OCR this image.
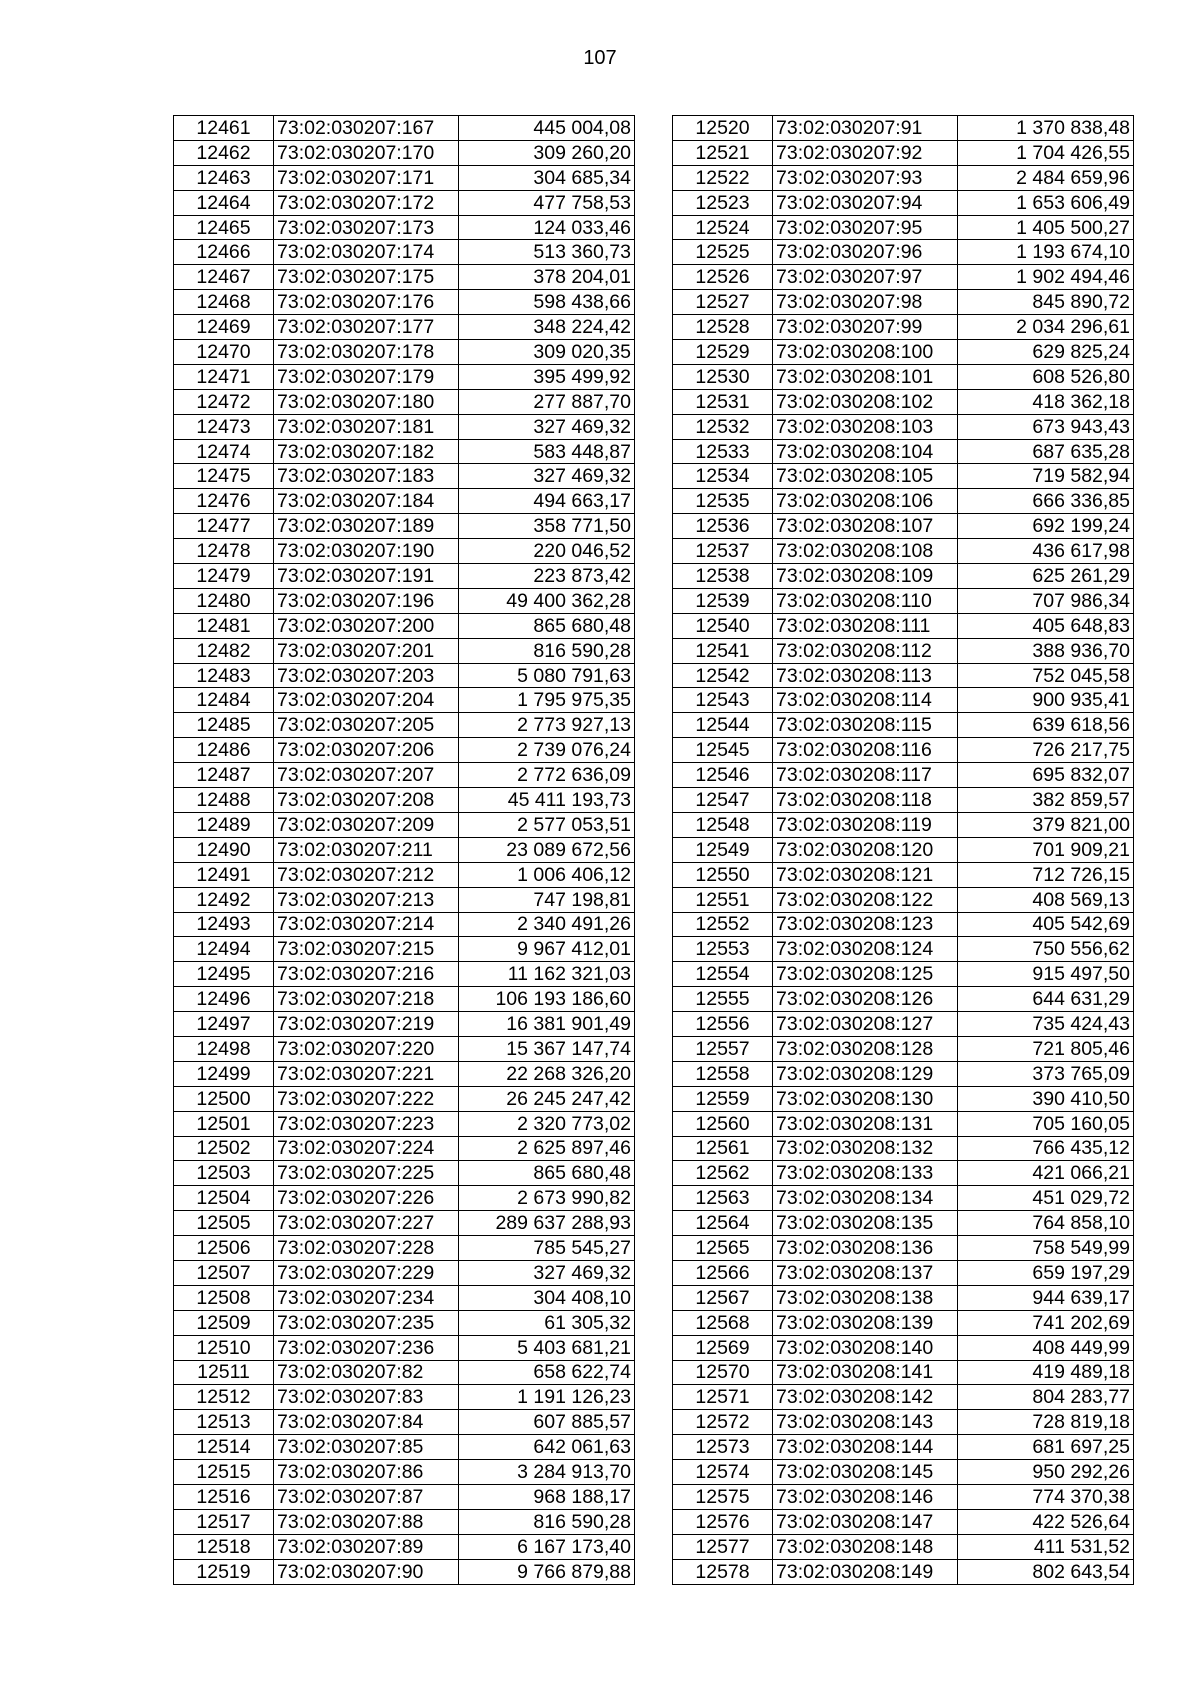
107
12461	73:02:030207:167	445 004,08
12462	73:02:030207:170	309 260,20
12463	73:02:030207:171	304 685,34
12464	73:02:030207:172	477 758,53
12465	73:02:030207:173	124 033,46
12466	73:02:030207:174	513 360,73
12467	73:02:030207:175	378 204,01
12468	73:02:030207:176	598 438,66
12469	73:02:030207:177	348 224,42
12470	73:02:030207:178	309 020,35
12471	73:02:030207:179	395 499,92
12472	73:02:030207:180	277 887,70
12473	73:02:030207:181	327 469,32
12474	73:02:030207:182	583 448,87
12475	73:02:030207:183	327 469,32
12476	73:02:030207:184	494 663,17
12477	73:02:030207:189	358 771,50
12478	73:02:030207:190	220 046,52
12479	73:02:030207:191	223 873,42
12480	73:02:030207:196	49 400 362,28
12481	73:02:030207:200	865 680,48
12482	73:02:030207:201	816 590,28
12483	73:02:030207:203	5 080 791,63
12484	73:02:030207:204	1 795 975,35
12485	73:02:030207:205	2 773 927,13
12486	73:02:030207:206	2 739 076,24
12487	73:02:030207:207	2 772 636,09
12488	73:02:030207:208	45 411 193,73
12489	73:02:030207:209	2 577 053,51
12490	73:02:030207:211	23 089 672,56
12491	73:02:030207:212	1 006 406,12
12492	73:02:030207:213	747 198,81
12493	73:02:030207:214	2 340 491,26
12494	73:02:030207:215	9 967 412,01
12495	73:02:030207:216	11 162 321,03
12496	73:02:030207:218	106 193 186,60
12497	73:02:030207:219	16 381 901,49
12498	73:02:030207:220	15 367 147,74
12499	73:02:030207:221	22 268 326,20
12500	73:02:030207:222	26 245 247,42
12501	73:02:030207:223	2 320 773,02
12502	73:02:030207:224	2 625 897,46
12503	73:02:030207:225	865 680,48
12504	73:02:030207:226	2 673 990,82
12505	73:02:030207:227	289 637 288,93
12506	73:02:030207:228	785 545,27
12507	73:02:030207:229	327 469,32
12508	73:02:030207:234	304 408,10
12509	73:02:030207:235	61 305,32
12510	73:02:030207:236	5 403 681,21
12511	73:02:030207:82	658 622,74
12512	73:02:030207:83	1 191 126,23
12513	73:02:030207:84	607 885,57
12514	73:02:030207:85	642 061,63
12515	73:02:030207:86	3 284 913,70
12516	73:02:030207:87	968 188,17
12517	73:02:030207:88	816 590,28
12518	73:02:030207:89	6 167 173,40
12519	73:02:030207:90	9 766 879,88
12520	73:02:030207:91	1 370 838,48
12521	73:02:030207:92	1 704 426,55
12522	73:02:030207:93	2 484 659,96
12523	73:02:030207:94	1 653 606,49
12524	73:02:030207:95	1 405 500,27
12525	73:02:030207:96	1 193 674,10
12526	73:02:030207:97	1 902 494,46
12527	73:02:030207:98	845 890,72
12528	73:02:030207:99	2 034 296,61
12529	73:02:030208:100	629 825,24
12530	73:02:030208:101	608 526,80
12531	73:02:030208:102	418 362,18
12532	73:02:030208:103	673 943,43
12533	73:02:030208:104	687 635,28
12534	73:02:030208:105	719 582,94
12535	73:02:030208:106	666 336,85
12536	73:02:030208:107	692 199,24
12537	73:02:030208:108	436 617,98
12538	73:02:030208:109	625 261,29
12539	73:02:030208:110	707 986,34
12540	73:02:030208:111	405 648,83
12541	73:02:030208:112	388 936,70
12542	73:02:030208:113	752 045,58
12543	73:02:030208:114	900 935,41
12544	73:02:030208:115	639 618,56
12545	73:02:030208:116	726 217,75
12546	73:02:030208:117	695 832,07
12547	73:02:030208:118	382 859,57
12548	73:02:030208:119	379 821,00
12549	73:02:030208:120	701 909,21
12550	73:02:030208:121	712 726,15
12551	73:02:030208:122	408 569,13
12552	73:02:030208:123	405 542,69
12553	73:02:030208:124	750 556,62
12554	73:02:030208:125	915 497,50
12555	73:02:030208:126	644 631,29
12556	73:02:030208:127	735 424,43
12557	73:02:030208:128	721 805,46
12558	73:02:030208:129	373 765,09
12559	73:02:030208:130	390 410,50
12560	73:02:030208:131	705 160,05
12561	73:02:030208:132	766 435,12
12562	73:02:030208:133	421 066,21
12563	73:02:030208:134	451 029,72
12564	73:02:030208:135	764 858,10
12565	73:02:030208:136	758 549,99
12566	73:02:030208:137	659 197,29
12567	73:02:030208:138	944 639,17
12568	73:02:030208:139	741 202,69
12569	73:02:030208:140	408 449,99
12570	73:02:030208:141	419 489,18
12571	73:02:030208:142	804 283,77
12572	73:02:030208:143	728 819,18
12573	73:02:030208:144	681 697,25
12574	73:02:030208:145	950 292,26
12575	73:02:030208:146	774 370,38
12576	73:02:030208:147	422 526,64
12577	73:02:030208:148	411 531,52
12578	73:02:030208:149	802 643,54
